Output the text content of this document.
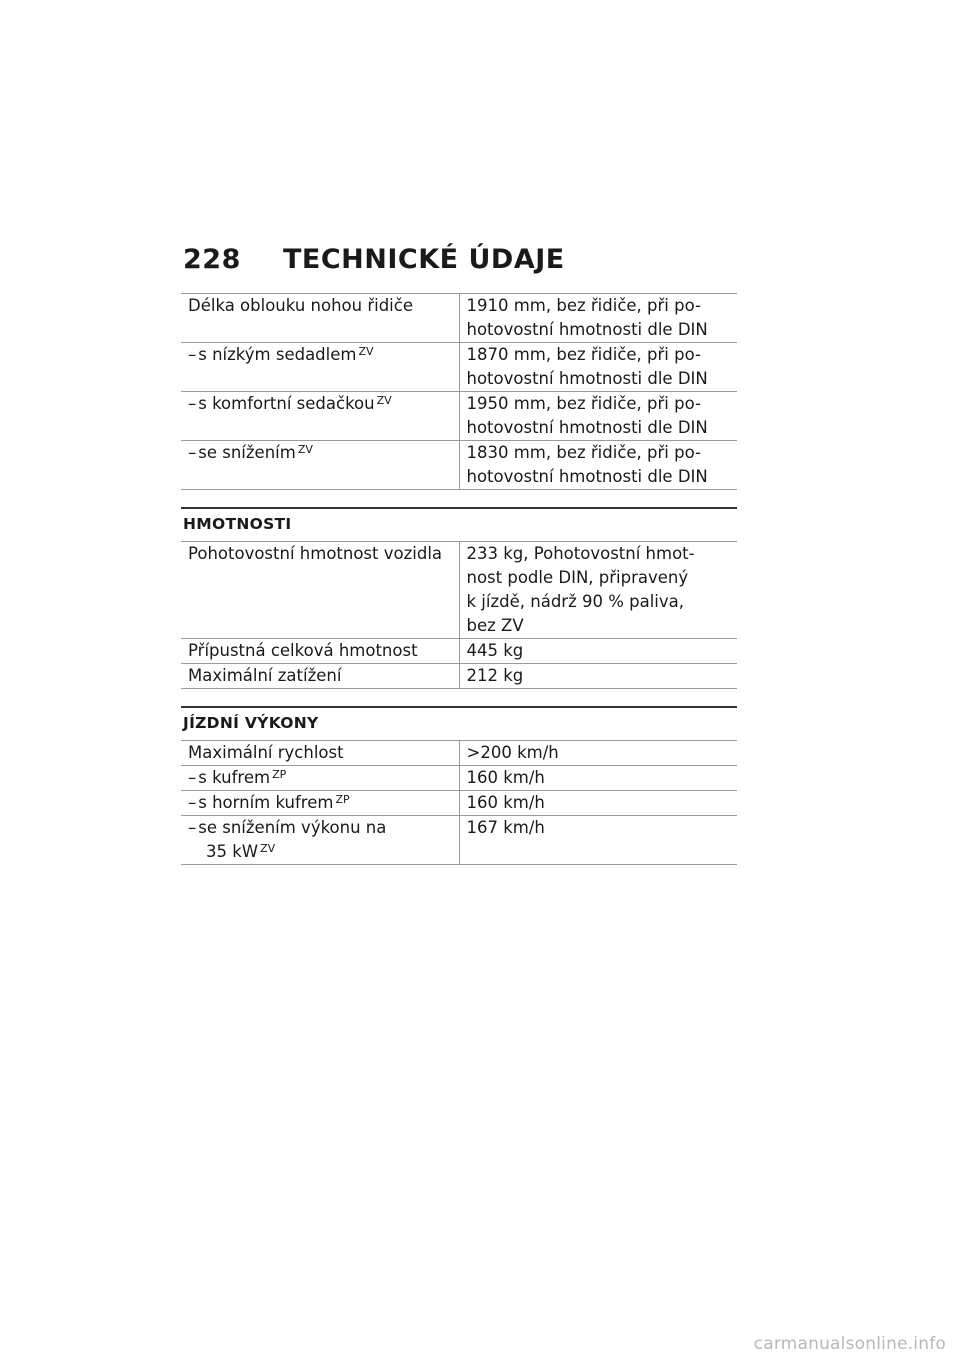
228	TECHNICKÉ ÚDAJE
Délka oblouku nohou řidiče	1910 mm, bez řidiče, při po-
hotovostní hmotnosti dle DIN

– s nízkým sedadlem $^{ZV}$	1870 mm, bez řidiče, při po-
hotovostní hmotnosti dle DIN

– s komfortní sedačkou $^{ZV}$	1950 mm, bez řidiče, při po-
hotovostní hmotnosti dle DIN

– se snížením $^{ZV}$	1830 mm, bez řidiče, při po-
hotovostní hmotnosti dle DIN
HMOTNOSTI
Pohotovostní hmotnost vozidla	233 kg, Pohotovostní hmot-
nost podle DIN, připravený
k jízdě, nádrž 90 % paliva,
bez ZV

Přípustná celková hmotnost	445 kg

Maximální zatížení	212 kg
JÍZDNÍ VÝKONY
Maximální rychlost	>200 km/h
– s kufrem $^{ZP}$	160 km/h
– s horním kufrem $^{ZP}$	160 km/h
– se snížením výkonu na
35 kW $^{ZV}$	167 km/h
carmanualsonline.info
